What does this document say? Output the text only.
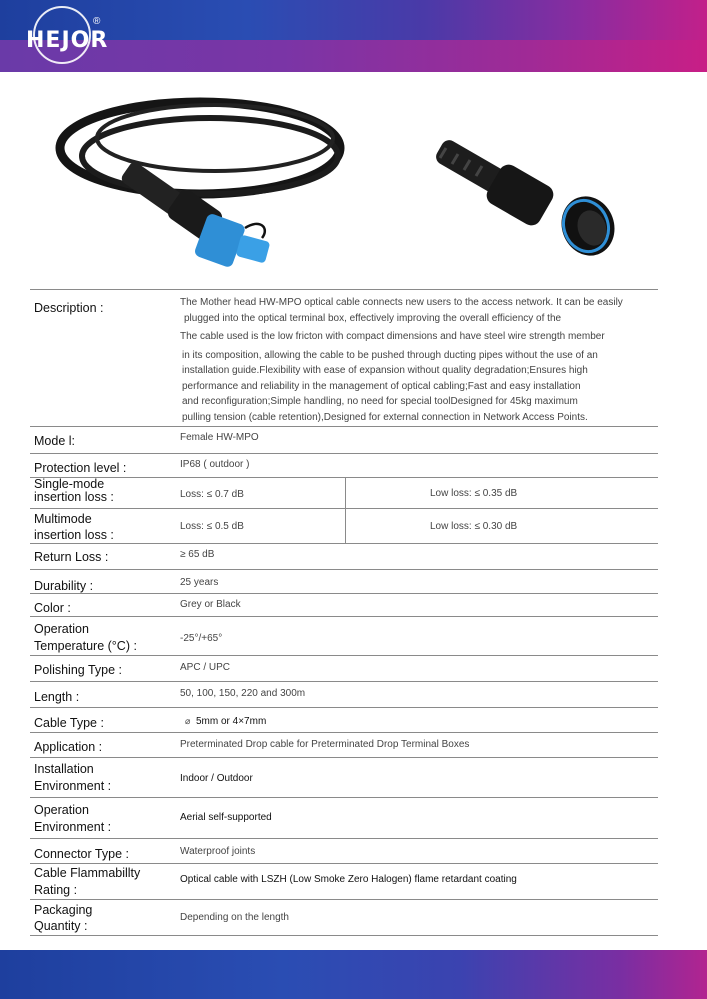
HEJOR
®
Description :	The Mother head HW-MPO optical cable connects new users to the access network. It can be easily

plugged into the optical terminal box, effectively improving the overall efficiency of the

The cable used is the low fricton with compact dimensions and have steel wire strength member

in its composition, allowing the cable to be pushed through ducting pipes without the use of an

installation guide.Flexibility with ease of expansion without quality degradation;Ensures high

performance and reliability in the management of optical cabling;Fast and easy installation

and reconfiguration;Simple handling, no need for special toolDesigned for 45kg maximum

pulling tension (cable retention),Designed for external connection in Network Access Points.

Mode l:	Female HW-MPO
Protection level :	IP68 ( outdoor )
Single-mode
insertion loss :	Loss: ≤ 0.7 dB	Low loss: ≤ 0.35 dB
Multimode
insertion loss :
Loss: ≤ 0.5 dB	Low loss: ≤ 0.30 dB
Return Loss :	≥ 65 dB
Durability :	25 years
Color :	Grey or Black
Operation
Temperature (°C) :
-25°/+65°
Polishing Type :	APC / UPC
Length :	50, 100, 150, 220 and 300m
Cable Type :	⌀ 5mm or 4×7mm
Application :	Preterminated Drop cable for Preterminated Drop Terminal Boxes
Installation
Environment :
Indoor / Outdoor
Operation
Environment :
Aerial self-supported
Connector Type :	Waterproof joints
Cable Flammabillty
Rating :
Optical cable with LSZH (Low Smoke Zero Halogen) flame retardant coating
Packaging
Quantity :
Depending on the length
